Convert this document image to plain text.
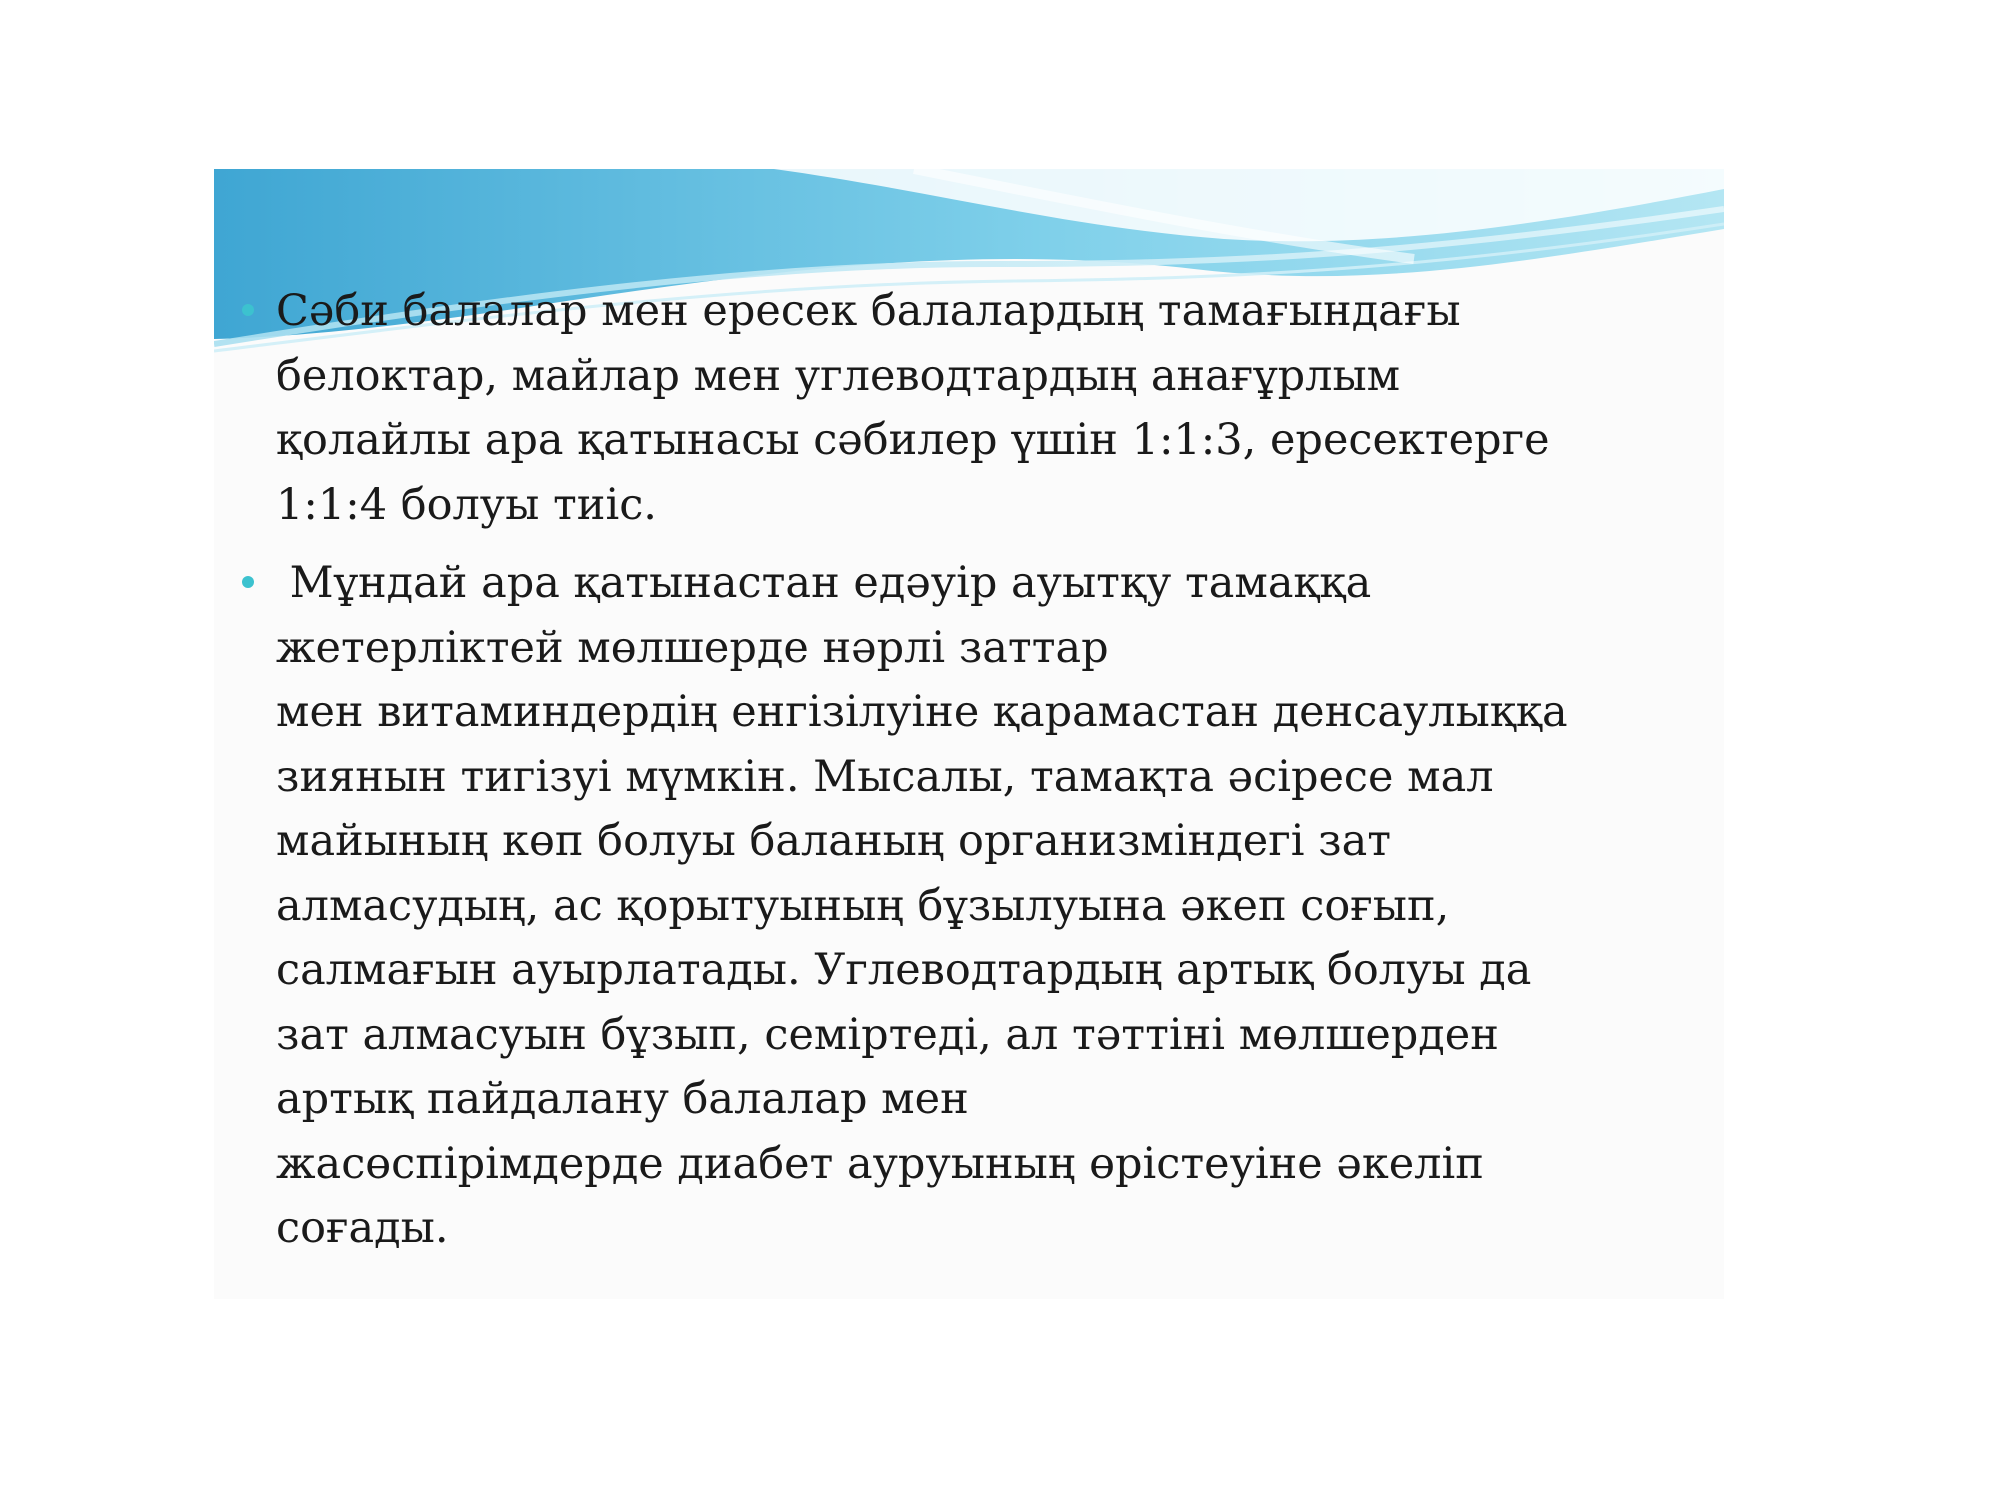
Сәби балалар мен ересек балалардың тамағындағы
белоктар, майлар мен углеводтардың анағұрлым
қолайлы ара қатынасы сәбилер үшін 1:1:3, ересектерге
1:1:4 болуы тиіс.
Мұндай ара қатынастан едәуір ауытқу тамаққа
жетерліктей мөлшерде нәрлі заттар
мен витаминдердің енгізілуіне қарамастан денсаулыққа
зиянын тигізуі мүмкін. Мысалы, тамақта әсіресе мал
майының көп болуы баланың организміндегі зат
алмасудың, ас қорытуының бұзылуына әкеп соғып,
салмағын ауырлатады. Углеводтардың артық болуы да
зат алмасуын бұзып, семіртеді, ал тәттіні мөлшерден
артық пайдалану балалар мен
жасөспірімдерде диабет ауруының өрістеуіне әкеліп
соғады.
